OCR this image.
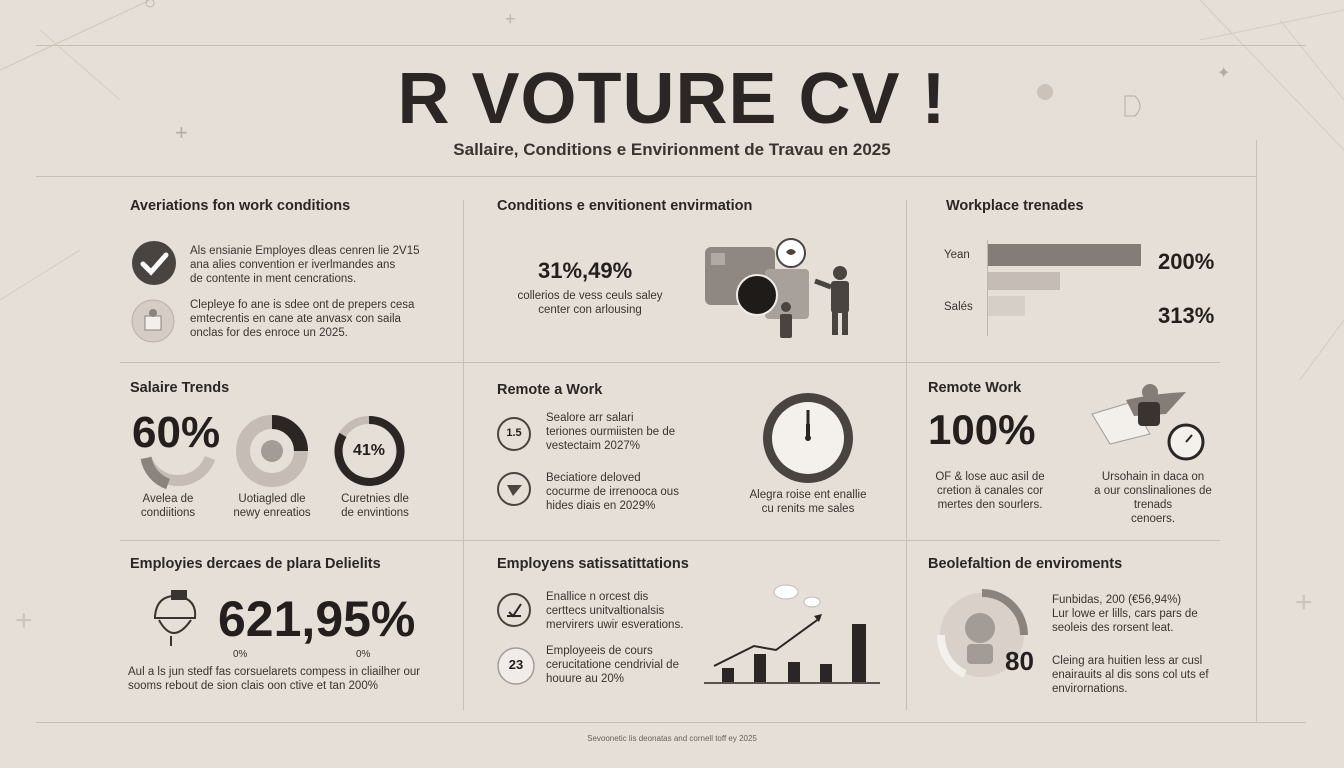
+
+
✦
+
+
R VOTURE CV !
Sallaire, Conditions e Envirionment de Travau en 2025
Averiations fon work conditions
Als ensianie Employes dleas cenren lie 2V15
ana alies convention er iverlmandes ans
de contente in ment cencrations.
Clepleye fo ane is sdee ont de prepers cesa
emtecrentis en cane ate anvasx con saila
onclas for des enroce un 2025.
Conditions e envitionent envirmation
31%,49%
collerios de vess ceuls saley
center con arlousing
Workplace trenades
Yean
Salés
200%
313%
Salaire Trends
60%	41%
Avelea de
condiitions
Uotiagled dle
newy enreatios
Curetnies dle
de envintions
Remote a Work
1.5
Sealore arr salari
teriones ourmiisten be de
vestectaim 2027%
Beciatiore deloved
cocurme de irrenooca ous
hides diais en 2029%
Alegra roise ent enallie
cu renits me sales
Remote Work
100%
OF & lose auc asil de
cretion ä canales cor
mertes den sourlers.
Ursohain in daca on
a our conslinaliones de
trenads
cenoers.
Employies dercaes de plara Delielits
621,95%
0%	0%
Aul a ls jun stedf fas corsuelarets compess in cliailher our
sooms rebout de sion clais oon ctive et tan 200%
Employens satissatittations
Enallice n orcest dis
certtecs unitvaltionalsis
mervirers uwir esverations.
23
Employeeis de cours
cerucitatione cendrivial de
houure au 20%
Beolefaltion de enviroments
80
Funbidas, 200 (€56,94%)
Lur lowe er lills, cars pars de
seoleis des rorsent leat.
Cleing ara huitien less ar cusl
enairauits al dis sons col uts ef
envirornations.
Sevoonetic lis deonatas and cornell toff ey 2025
